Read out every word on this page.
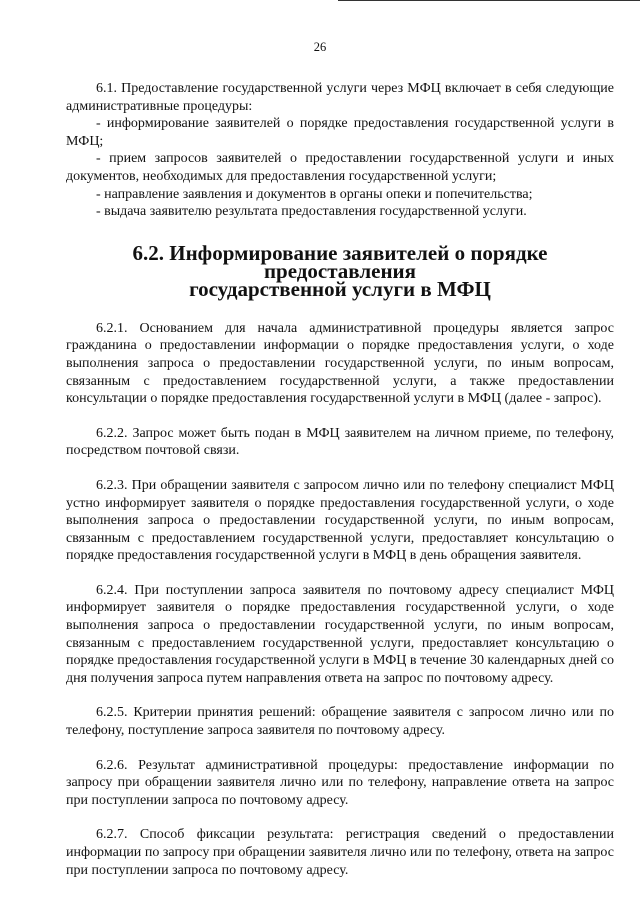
26

6.1. Предоставление государственной услуги через МФЦ включает в себя следующие административные процедуры:

- информирование заявителей о порядке предоставления государственной услуги в МФЦ;

- прием запросов заявителей о предоставлении государственной услуги и иных документов, необходимых для предоставления государственной услуги;

- направление заявления и документов в органы опеки и попечительства;

- выдача заявителю результата предоставления государственной услуги.

6.2. Информирование заявителей о порядке предоставления
государственной услуги в МФЦ

6.2.1. Основанием для начала административной процедуры является запрос гражданина о предоставлении информации о порядке предоставления услуги, о ходе выполнения запроса о предоставлении государственной услуги, по иным вопросам, связанным с предоставлением государственной услуги, а также предоставлении консультации о порядке предоставления государственной услуги в МФЦ (далее - запрос).

6.2.2. Запрос может быть подан в МФЦ заявителем на личном приеме, по телефону, посредством почтовой связи.

6.2.3. При обращении заявителя с запросом лично или по телефону специалист МФЦ устно информирует заявителя о порядке предоставления государственной услуги, о ходе выполнения запроса о предоставлении государственной услуги, по иным вопросам, связанным с предоставлением государственной услуги, предоставляет консультацию о порядке предоставления государственной услуги в МФЦ в день обращения заявителя.

6.2.4. При поступлении запроса заявителя по почтовому адресу специалист МФЦ информирует заявителя о порядке предоставления государственной услуги, о ходе выполнения запроса о предоставлении государственной услуги, по иным вопросам, связанным с предоставлением государственной услуги, предоставляет консультацию о порядке предоставления государственной услуги в МФЦ в течение 30 календарных дней со дня получения запроса путем направления ответа на запрос по почтовому адресу.

6.2.5. Критерии принятия решений: обращение заявителя с запросом лично или по телефону, поступление запроса заявителя по почтовому адресу.

6.2.6. Результат административной процедуры: предоставление информации по запросу при обращении заявителя лично или по телефону, направление ответа на запрос при поступлении запроса по почтовому адресу.

6.2.7. Способ фиксации результата: регистрация сведений о предоставлении информации по запросу при обращении заявителя лично или по телефону, ответа на запрос при поступлении запроса по почтовому адресу.
